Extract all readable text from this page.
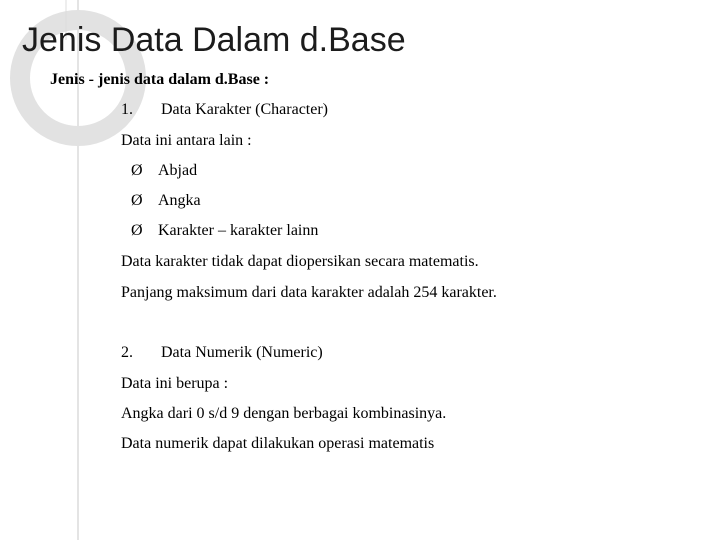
Jenis Data Dalam d.Base
Jenis - jenis data dalam d.Base :
1. Data Karakter (Character)
Data ini antara lain :
Ø Abjad
Ø Angka
Ø Karakter – karakter lainn
Data karakter tidak dapat diopersikan secara matematis.
Panjang maksimum dari data karakter adalah 254 karakter.
2. Data Numerik (Numeric)
Data ini berupa :
Angka dari 0 s/d 9 dengan berbagai kombinasinya.
Data numerik dapat dilakukan operasi matematis
